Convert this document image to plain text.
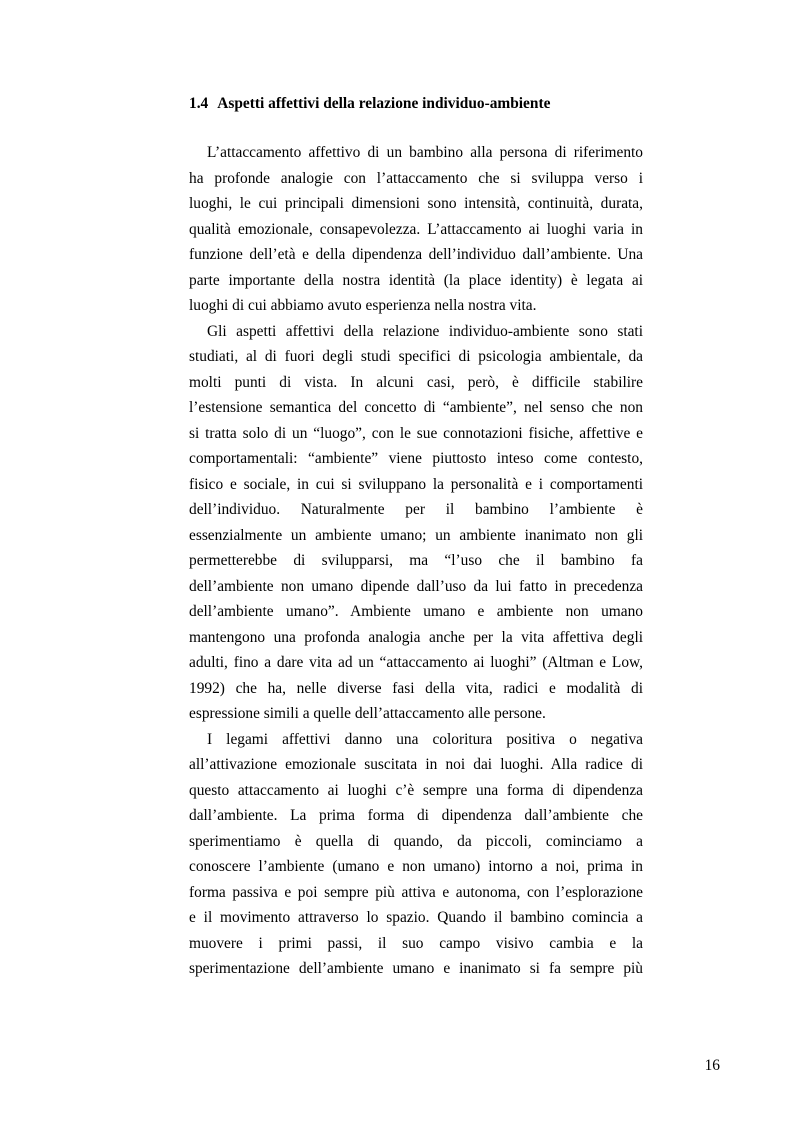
1.4 Aspetti affettivi della relazione individuo-ambiente

L’attaccamento affettivo di un bambino alla persona di riferimento
ha profonde analogie con l’attaccamento che si sviluppa verso i
luoghi, le cui principali dimensioni sono intensità, continuità, durata,
qualità emozionale, consapevolezza. L’attaccamento ai luoghi varia in
funzione dell’età e della dipendenza dell’individuo dall’ambiente. Una
parte importante della nostra identità (la place identity) è legata ai
luoghi di cui abbiamo avuto esperienza nella nostra vita.

Gli aspetti affettivi della relazione individuo-ambiente sono stati
studiati, al di fuori degli studi specifici di psicologia ambientale, da
molti punti di vista. In alcuni casi, però, è difficile stabilire
l’estensione semantica del concetto di “ambiente”, nel senso che non
si tratta solo di un “luogo”, con le sue connotazioni fisiche, affettive e
comportamentali: “ambiente” viene piuttosto inteso come contesto,
fisico e sociale, in cui si sviluppano la personalità e i comportamenti
dell’individuo. Naturalmente per il bambino l’ambiente è
essenzialmente un ambiente umano; un ambiente inanimato non gli
permetterebbe di svilupparsi, ma “l’uso che il bambino fa
dell’ambiente non umano dipende dall’uso da lui fatto in precedenza
dell’ambiente umano”. Ambiente umano e ambiente non umano
mantengono una profonda analogia anche per la vita affettiva degli
adulti, fino a dare vita ad un “attaccamento ai luoghi” (Altman e Low,
1992) che ha, nelle diverse fasi della vita, radici e modalità di
espressione simili a quelle dell’attaccamento alle persone.

I legami affettivi danno una coloritura positiva o negativa
all’attivazione emozionale suscitata in noi dai luoghi. Alla radice di
questo attaccamento ai luoghi c’è sempre una forma di dipendenza
dall’ambiente. La prima forma di dipendenza dall’ambiente che
sperimentiamo è quella di quando, da piccoli, cominciamo a
conoscere l’ambiente (umano e non umano) intorno a noi, prima in
forma passiva e poi sempre più attiva e autonoma, con l’esplorazione
e il movimento attraverso lo spazio. Quando il bambino comincia a
muovere i primi passi, il suo campo visivo cambia e la
sperimentazione dell’ambiente umano e inanimato si fa sempre più

16
